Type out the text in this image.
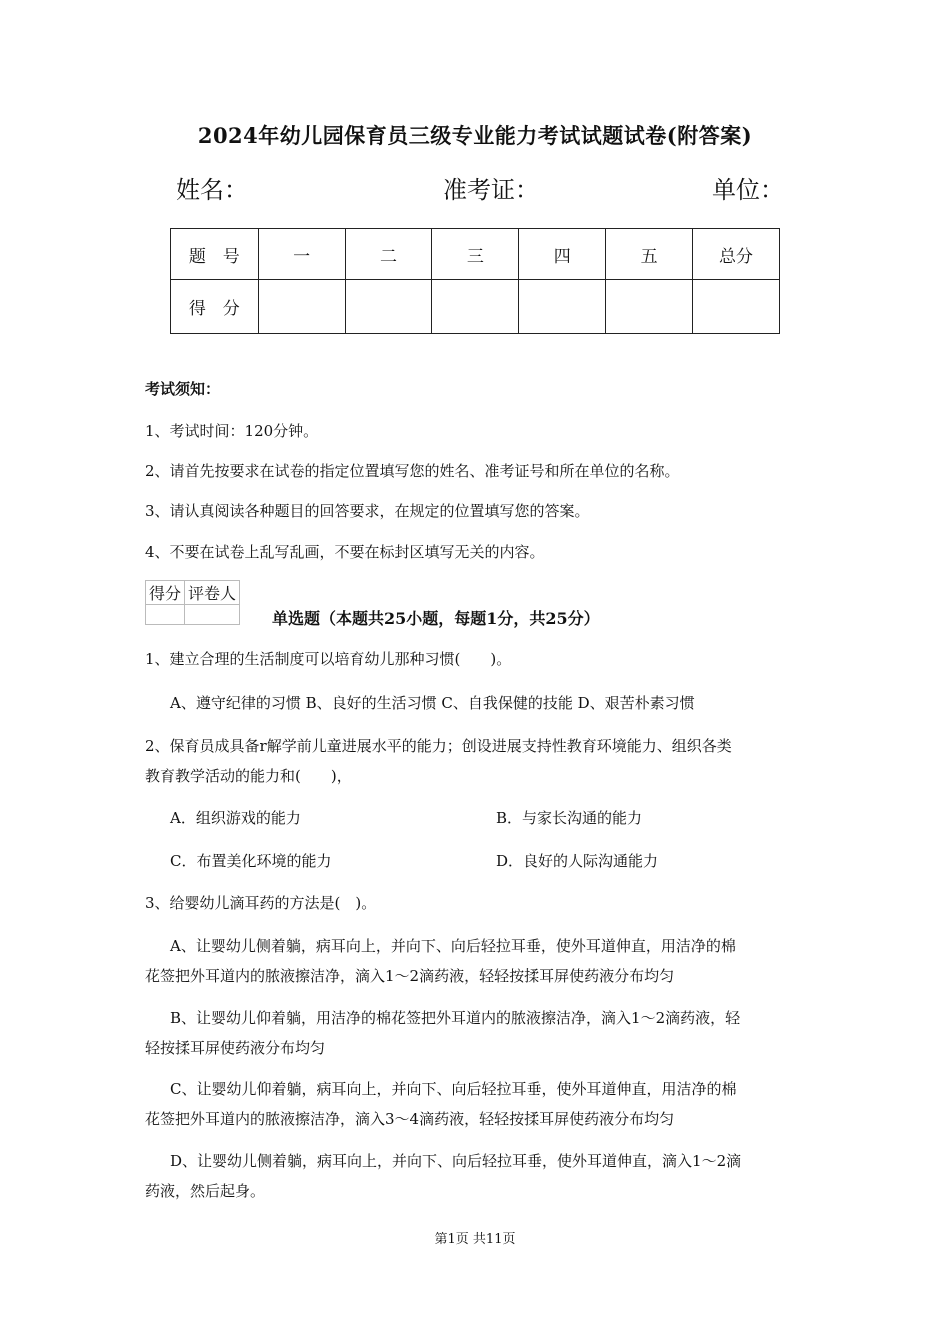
2024年幼儿园保育员三级专业能力考试试题试卷(附答案)
姓名：	准考证：	单位：
题　号	一	二	三	四	五	总分
得　分						
考试须知：
1、考试时间：120分钟。
2、请首先按要求在试卷的指定位置填写您的姓名、准考证号和所在单位的名称。
3、请认真阅读各种题目的回答要求，在规定的位置填写您的答案。
4、不要在试卷上乱写乱画，不要在标封区填写无关的内容。
得分	评卷人

单选题（本题共25小题，每题1分，共25分）
1、建立合理的生活制度可以培育幼儿那种习惯(　　)。
A、遵守纪律的习惯 B、良好的生活习惯 C、自我保健的技能 D、艰苦朴素习惯
2、保育员成具备r解学前儿童进展水平的能力；创设进展支持性教育环境能力、组织各类
教育教学活动的能力和(　　)，
A．组织游戏的能力	B．与家长沟通的能力
C．布置美化环境的能力	D．良好的人际沟通能力
3、给婴幼儿滴耳药的方法是(　)。
A、让婴幼儿侧着躺，病耳向上，并向下、向后轻拉耳垂，使外耳道伸直，用洁净的棉
花签把外耳道内的脓液擦洁净，滴入1～2滴药液，轻轻按揉耳屏使药液分布均匀
B、让婴幼儿仰着躺，用洁净的棉花签把外耳道内的脓液擦洁净，滴入1～2滴药液，轻
轻按揉耳屏使药液分布均匀
C、让婴幼儿仰着躺，病耳向上，并向下、向后轻拉耳垂，使外耳道伸直，用洁净的棉
花签把外耳道内的脓液擦洁净，滴入3～4滴药液，轻轻按揉耳屏使药液分布均匀
D、让婴幼儿侧着躺，病耳向上，并向下、向后轻拉耳垂，使外耳道伸直，滴入1～2滴
药液，然后起身。
第1页 共11页
